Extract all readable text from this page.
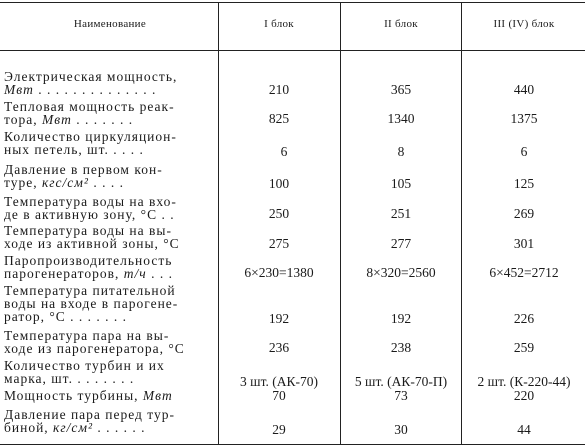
Наименование	I блок	II блок	III (IV) блок
Электрическая мощность,
Мвт . . . . . . . . . . . . . .	210	365	440
Тепловая мощность реак-
тора, Мвт . . . . . . .	825	1340	1375
Количество циркуляцион-
ных петель, шт. . . . .	6	8	6
Давление в первом кон-
туре, кгс/см² . . . .	100	105	125
Температура воды на вхо-
де в активную зону, °С . .	250	251	269
Температура воды на вы-
ходе из активной зоны, °С	275	277	301
Паропроизводительность
парогенераторов, т/ч . . .	6×230=1380	8×320=2560	6×452=2712
Температура питательной
воды на входе в парогене-
ратор, °С . . . . . . .	192	192	226
Температура пара на вы-
ходе из парогенератора, °С	236	238	259
Количество турбин и их
марка, шт. . . . . . . .	3 шт. (АК-70)	5 шт. (АК-70-П)	2 шт. (К-220-44)
Мощность турбины, Мвт	70	73	220
Давление пара перед тур-
биной, кг/см² . . . . . .	29	30	44
